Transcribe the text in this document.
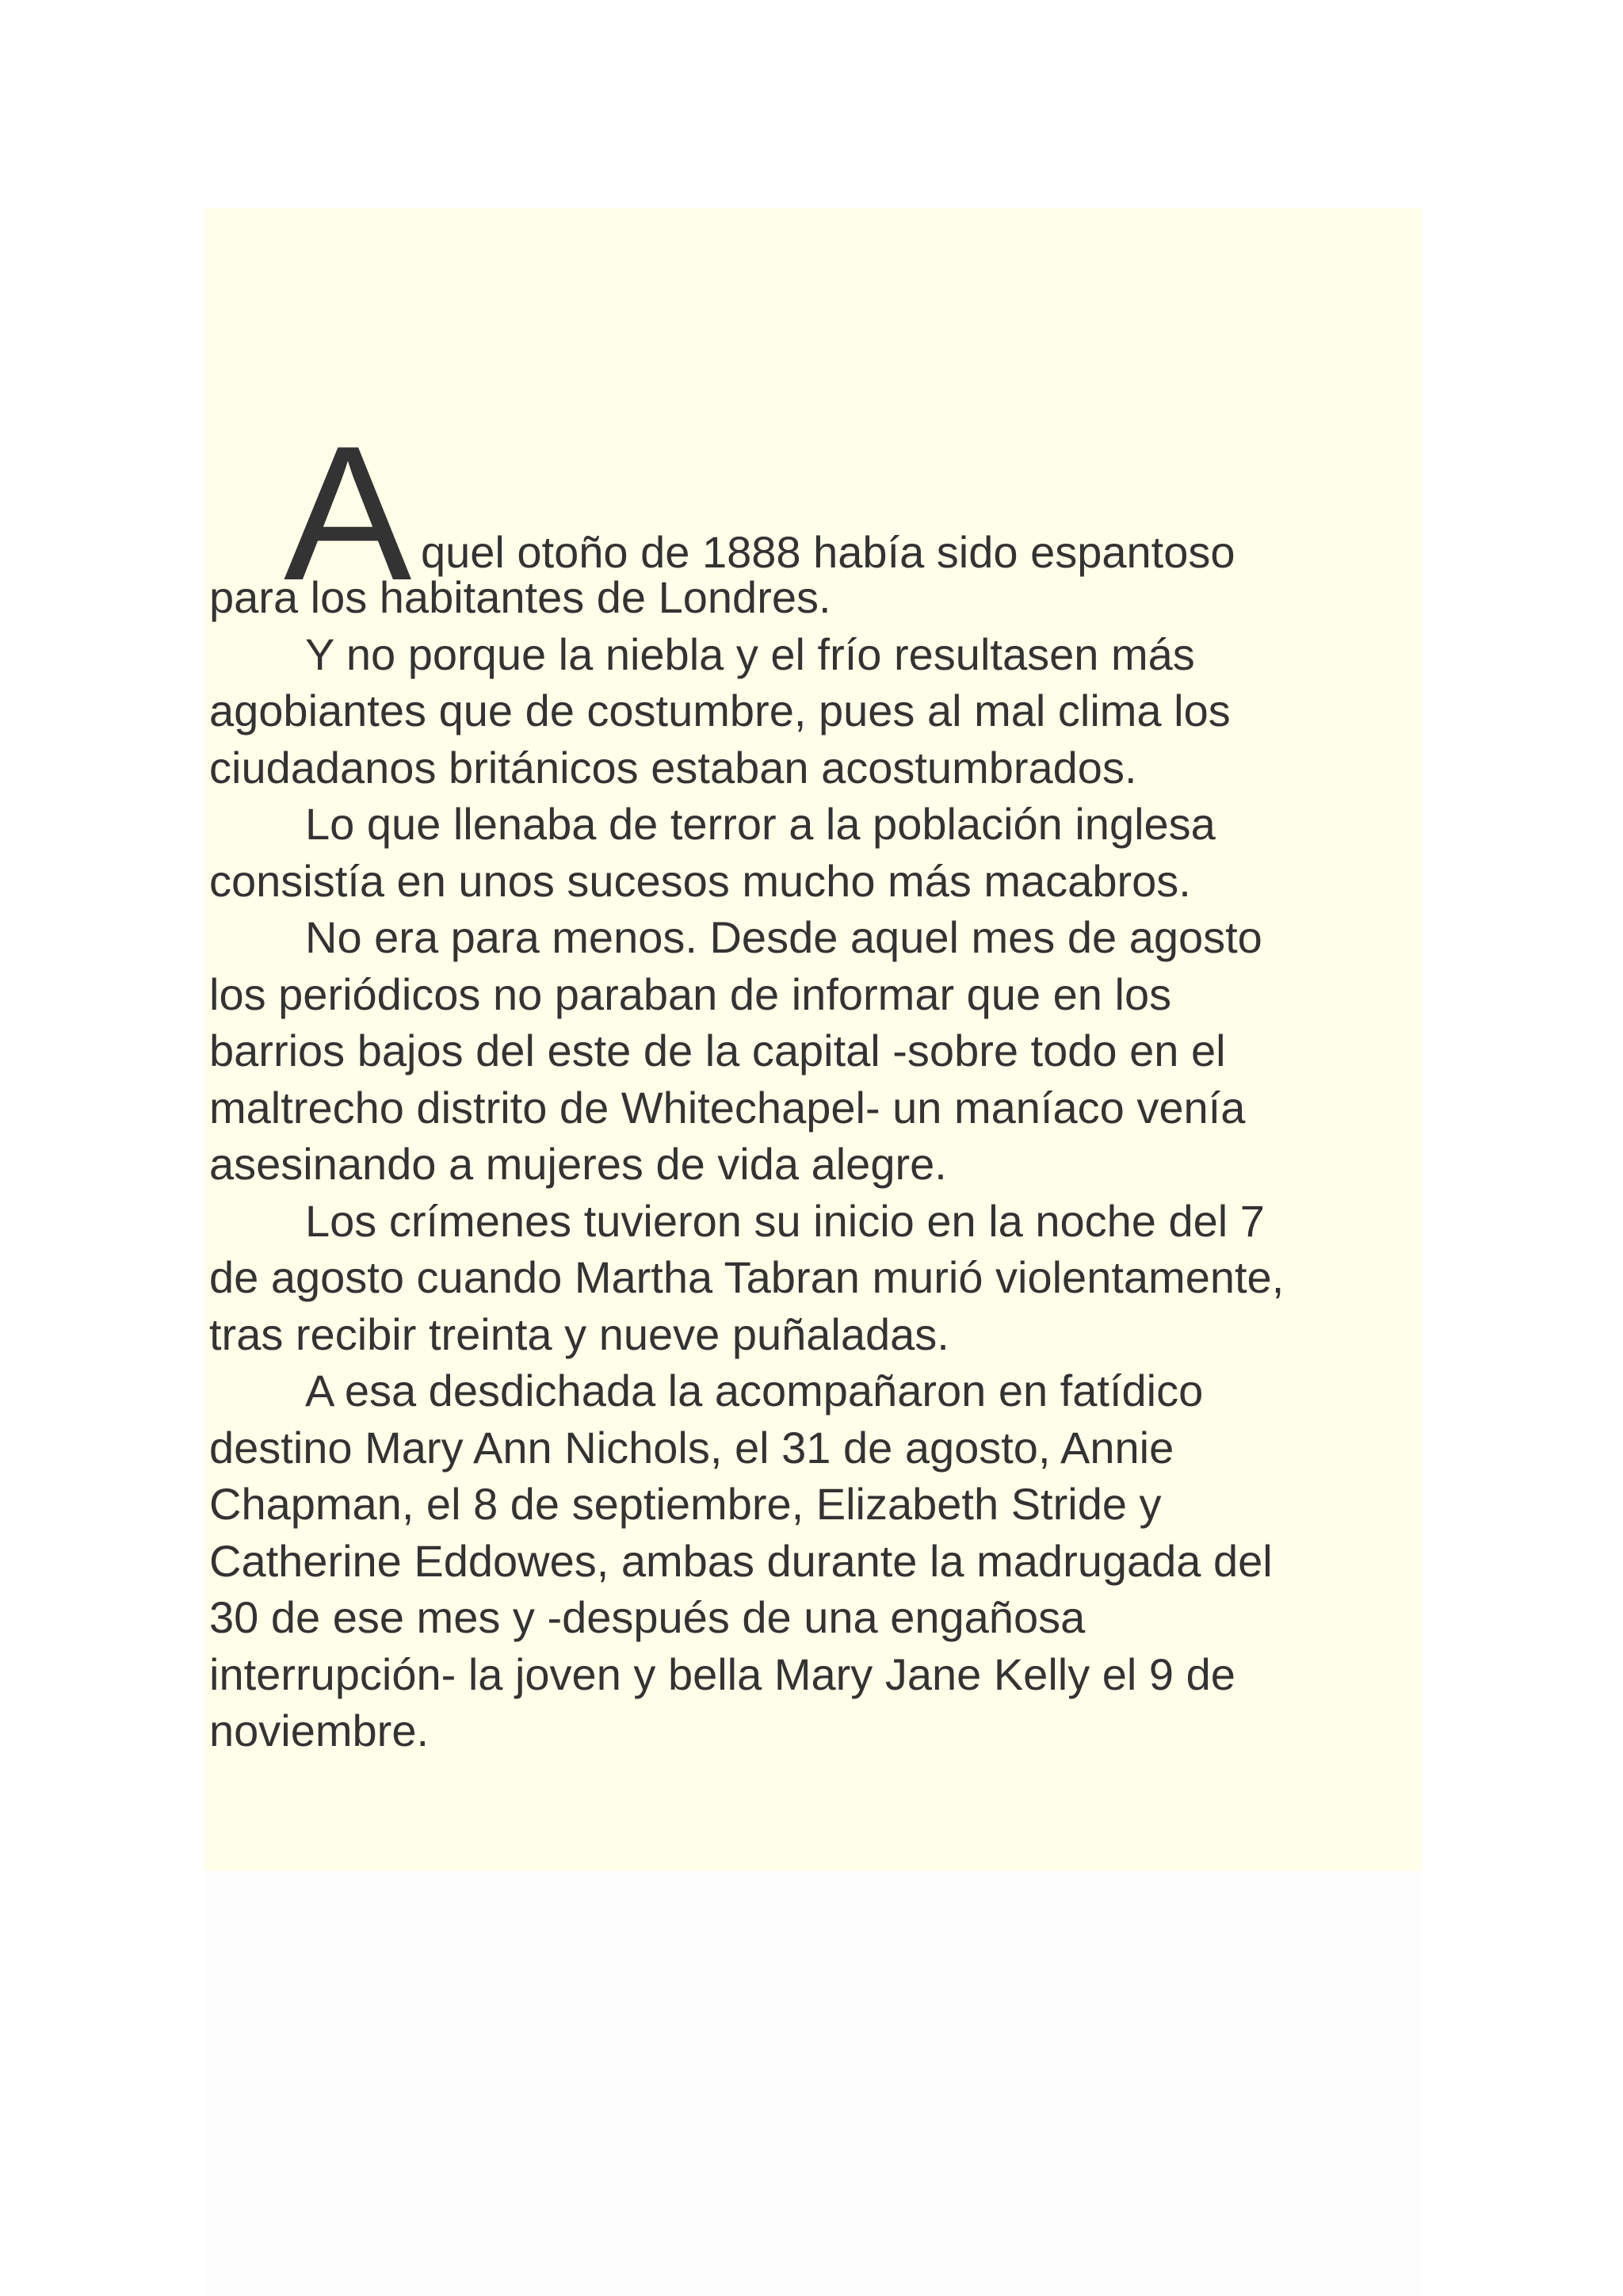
A quel otoño de 1888 había sido espantoso
para los habitantes de Londres.
Y no porque la niebla y el frío resultasen más
agobiantes que de costumbre, pues al mal clima los
ciudadanos británicos estaban acostumbrados.
Lo que llenaba de terror a la población inglesa
consistía en unos sucesos mucho más macabros.
No era para menos. Desde aquel mes de agosto
los periódicos no paraban de informar que en los
barrios bajos del este de la capital -sobre todo en el
maltrecho distrito de Whitechapel- un maníaco venía
asesinando a mujeres de vida alegre.
Los crímenes tuvieron su inicio en la noche del 7
de agosto cuando Martha Tabran murió violentamente,
tras recibir treinta y nueve puñaladas.
A esa desdichada la acompañaron en fatídico
destino Mary Ann Nichols, el 31 de agosto, Annie
Chapman, el 8 de septiembre, Elizabeth Stride y
Catherine Eddowes, ambas durante la madrugada del
30 de ese mes y -después de una engañosa
interrupción- la joven y bella Mary Jane Kelly el 9 de
noviembre.
